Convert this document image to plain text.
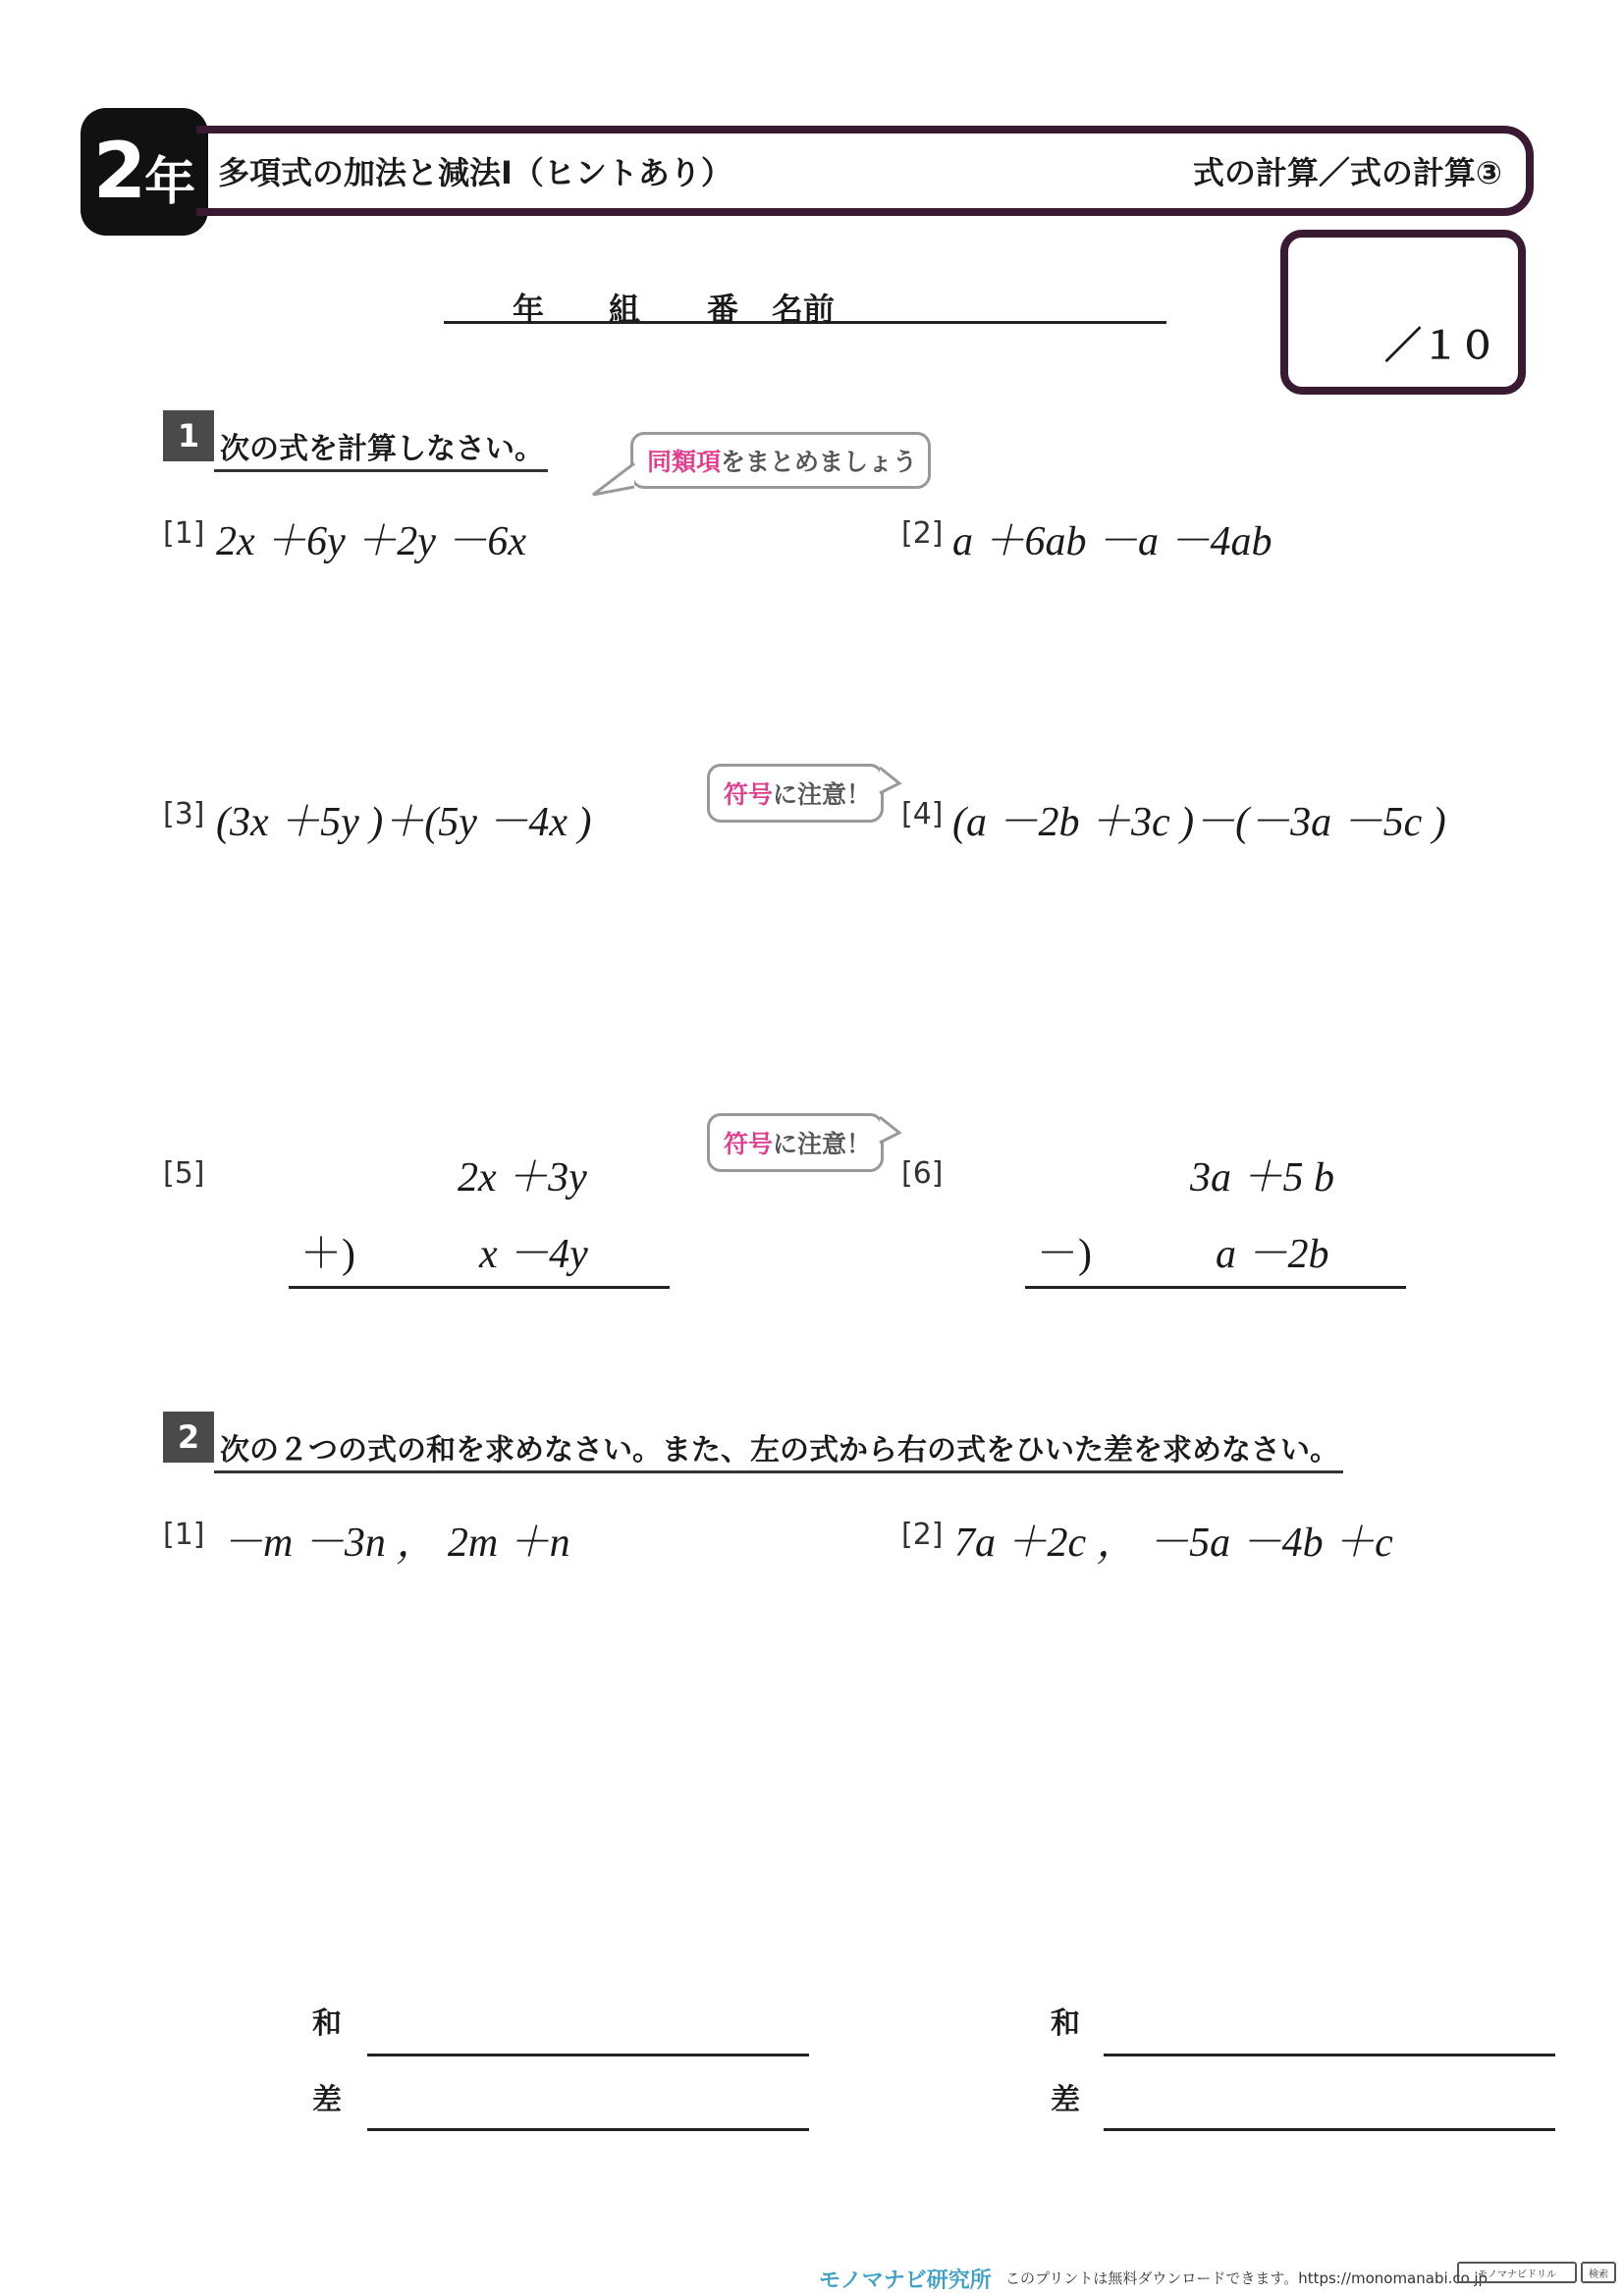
2 年 多項式の加法と減法Ⅰ（ヒントあり）	式の計算／式の計算③
年 組 番 名前
／１０
1 次の式を計算しなさい。	同類項 をまとめましょう
[1] 2x ＋6y ＋2y －6x	[2] a ＋6ab －a －4ab
符号 に注意！
[3] (3x ＋5y )＋(5y －4x )	[4] (a －2b ＋3c )－(－3a －5c )
符号 に注意！
[5]	2x ＋3y
＋)	x －4y
[6]	3a ＋5 b
－)	a －2b
2 次の２つの式の和を求めなさい。また、左の式から右の式をひいた差を求めなさい。
[1] －m －3n ， 2m ＋n	[2] 7a ＋2c ， －5a －4b ＋c
和
差
和
差
モノマナビ研究所 このプリントは無料ダウンロードできます。https://monomanabi.co.jp
モノマナビドリル	検索
